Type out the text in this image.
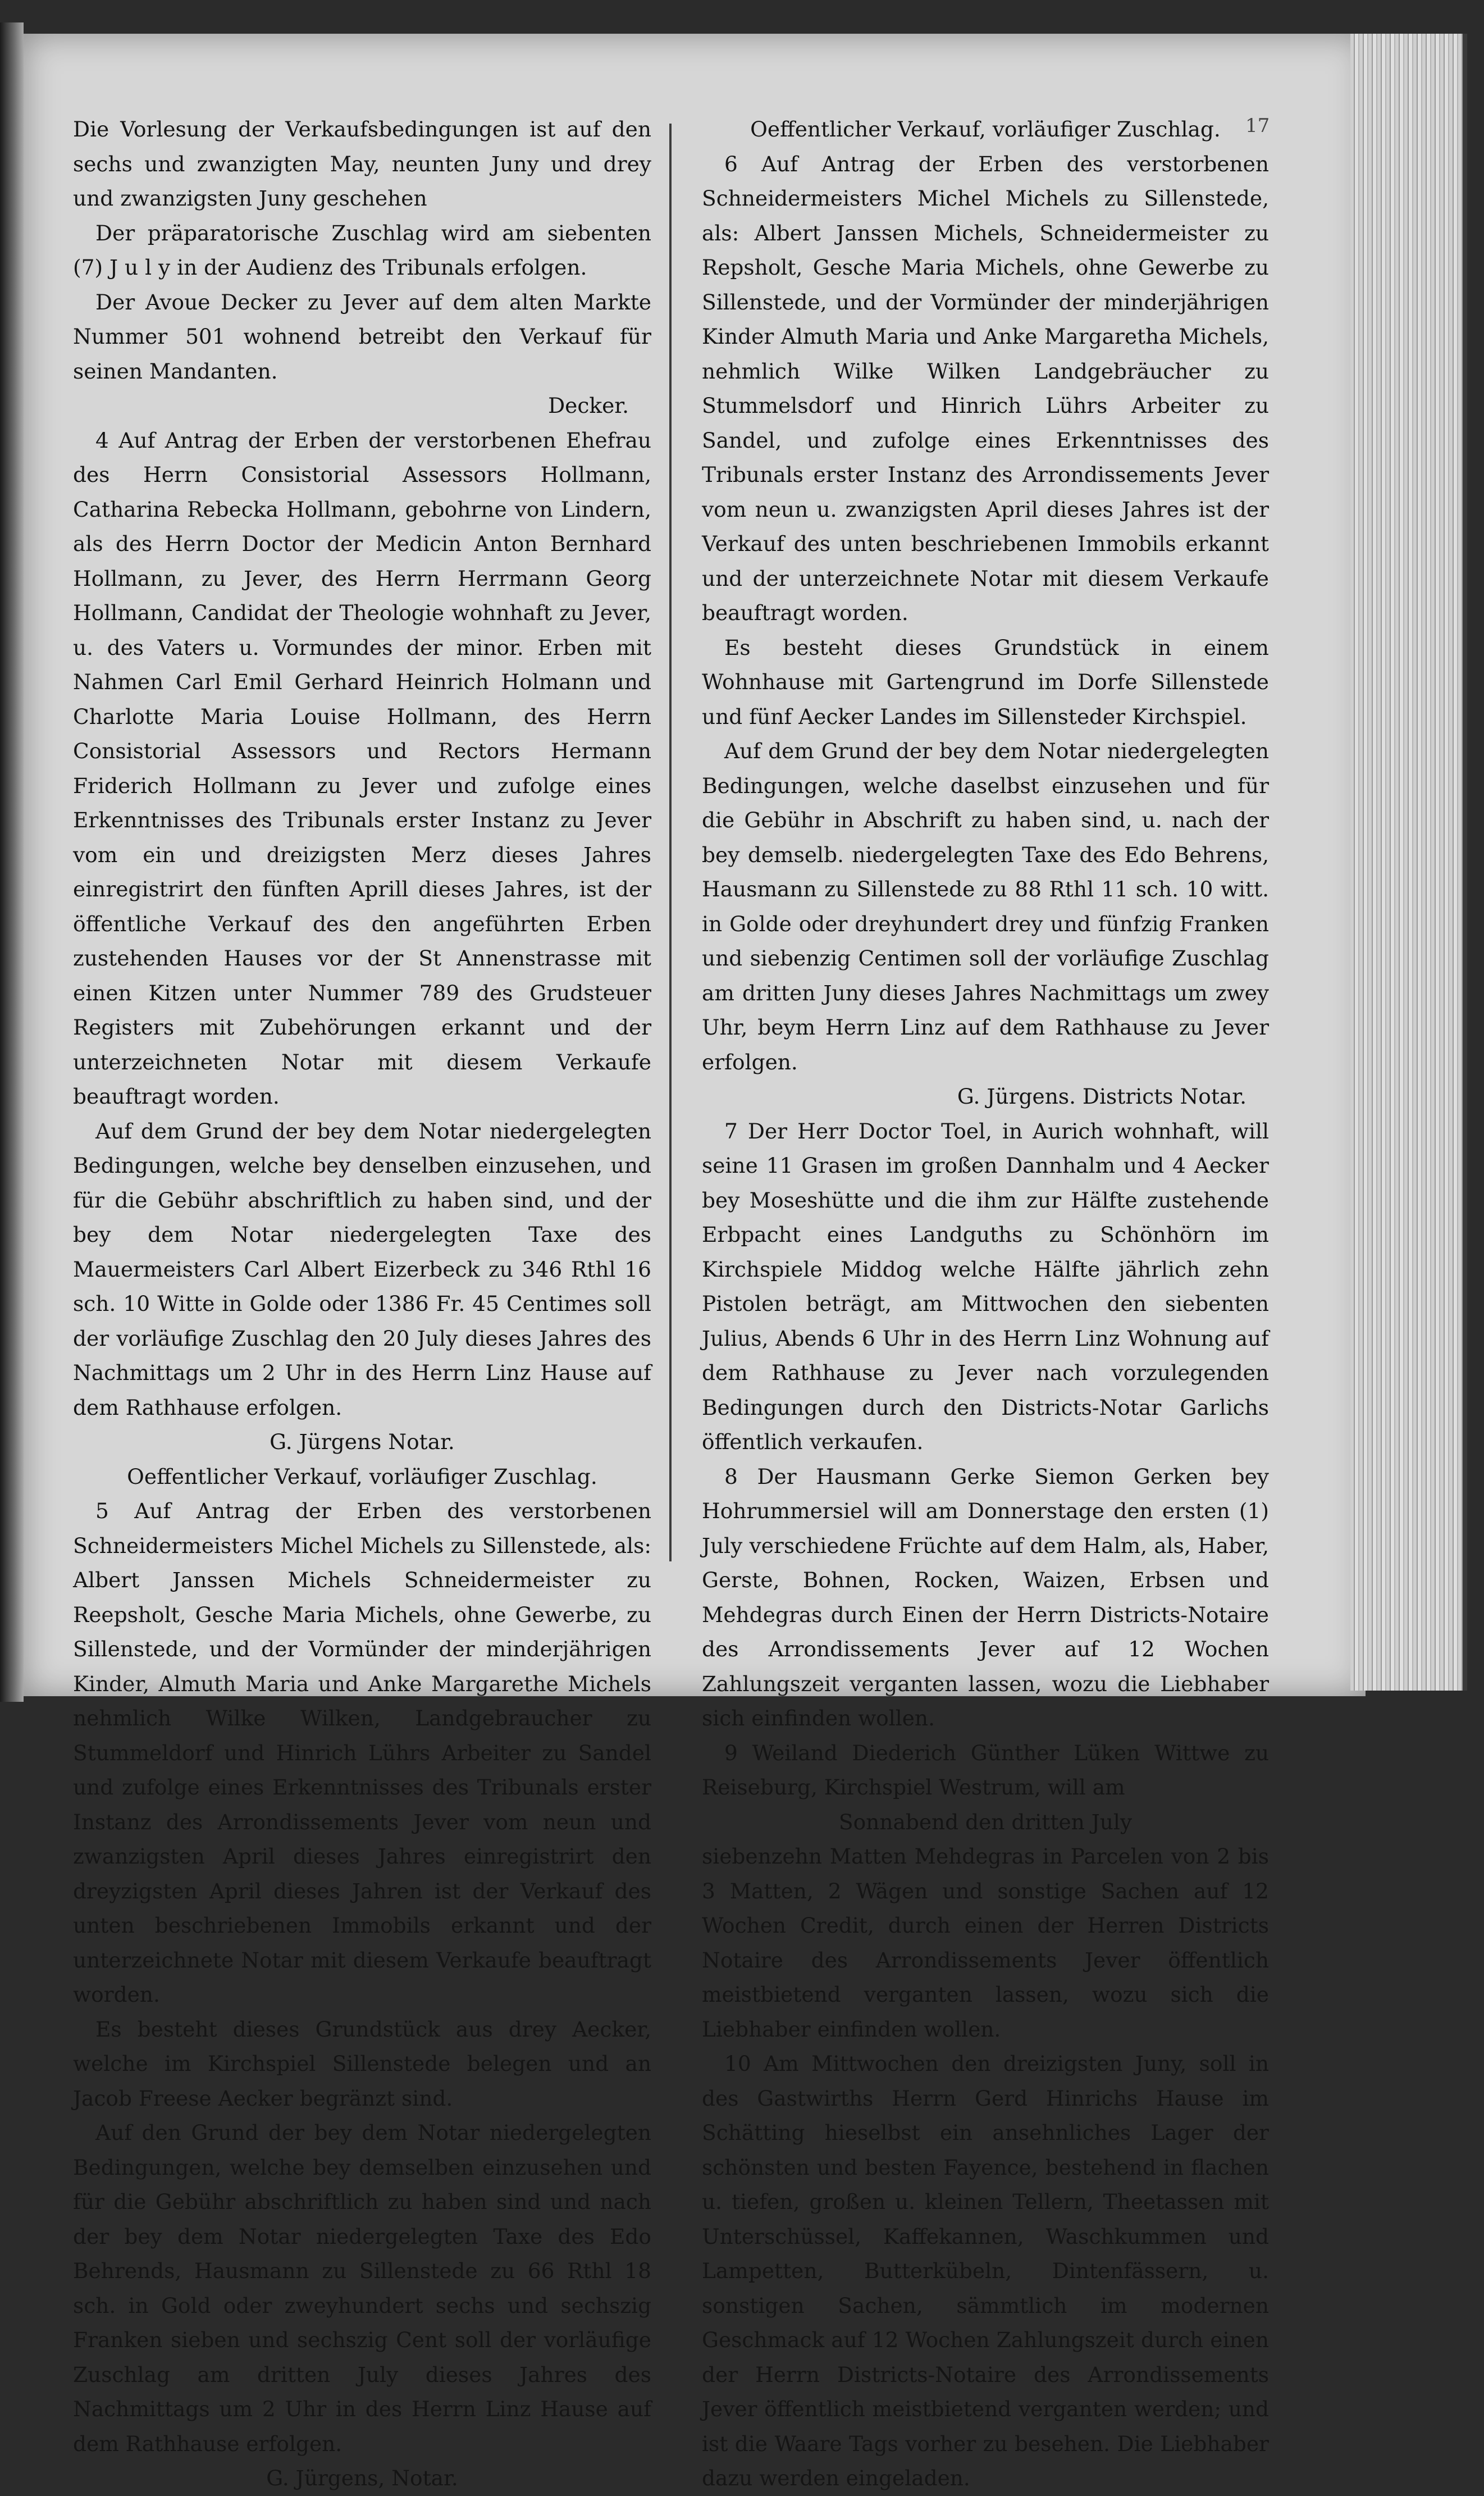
17

Die Vorlesung der Verkaufsbedingungen ist auf den sechs und zwanzigten May, neunten Juny und drey und zwanzigsten Juny geschehen

Der präparatorische Zuschlag wird am siebenten (7) J u l y in der Audienz des Tribunals erfolgen.

Der Avoue Decker zu Jever auf dem alten Markte Nummer 501 wohnend betreibt den Verkauf für seinen Mandanten.

Decker.

4 Auf Antrag der Erben der verstorbenen Ehefrau des Herrn Consistorial Assessors Hollmann, Catharina Rebecka Hollmann, gebohrne von Lindern, als des Herrn Doctor der Medicin Anton Bernhard Hollmann, zu Jever, des Herrn Herrmann Georg Hollmann, Candidat der Theologie wohnhaft zu Jever, u. des Vaters u. Vormundes der minor. Erben mit Nahmen Carl Emil Gerhard Heinrich Holmann und Charlotte Maria Louise Hollmann, des Herrn Consistorial Assessors und Rectors Hermann Friderich Hollmann zu Jever und zufolge eines Erkenntnisses des Tribunals erster Instanz zu Jever vom ein und dreizigsten Merz dieses Jahres einregistrirt den fünften Aprill dieses Jahres, ist der öffentliche Verkauf des den angeführten Erben zustehenden Hauses vor der St Annenstrasse mit einen Kitzen unter Nummer 789 des Grudsteuer Registers mit Zubehörungen erkannt und der unterzeichneten Notar mit diesem Verkaufe beauftragt worden.

Auf dem Grund der bey dem Notar niedergelegten Bedingungen, welche bey denselben einzusehen, und für die Gebühr abschriftlich zu haben sind, und der bey dem Notar niedergelegten Taxe des Mauermeisters Carl Albert Eizerbeck zu 346 Rthl 16 sch. 10 Witte in Golde oder 1386 Fr. 45 Centimes soll der vorläufige Zuschlag den 20 July dieses Jahres des Nachmittags um 2 Uhr in des Herrn Linz Hause auf dem Rathhause erfolgen.

G. Jürgens Notar.

Oeffentlicher Verkauf, vorläufiger Zuschlag.

5 Auf Antrag der Erben des verstorbenen Schneidermeisters Michel Michels zu Sillenstede, als: Albert Janssen Michels Schneidermeister zu Reepsholt, Gesche Maria Michels, ohne Gewerbe, zu Sillenstede, und der Vormünder der minderjährigen Kinder, Almuth Maria und Anke Margarethe Michels nehmlich Wilke Wilken, Landgebraucher zu Stummeldorf und Hinrich Lührs Arbeiter zu Sandel und zufolge eines Erkenntnisses des Tribunals erster Instanz des Arrondissements Jever vom neun und zwanzigsten April dieses Jahres einregistrirt den dreyzigsten April dieses Jahren ist der Verkauf des unten beschriebenen Immobils erkannt und der unterzeichnete Notar mit diesem Verkaufe beauftragt worden.

Es besteht dieses Grundstück aus drey Aecker, welche im Kirchspiel Sillenstede belegen und an Jacob Freese Aecker begränzt sind.

Auf den Grund der bey dem Notar niedergelegten Bedingungen, welche bey demselben einzusehen und für die Gebühr abschriftlich zu haben sind und nach der bey dem Notar niedergelegten Taxe des Edo Behrends, Hausmann zu Sillenstede zu 66 Rthl 18 sch. in Gold oder zweyhundert sechs und sechszig Franken sieben und sechszig Cent soll der vorläufige Zuschlag am dritten July dieses Jahres des Nachmittags um 2 Uhr in des Herrn Linz Hause auf dem Rathhause erfolgen.

G. Jürgens, Notar.

Oeffentlicher Verkauf, vorläufiger Zuschlag.

6 Auf Antrag der Erben des verstorbenen Schneidermeisters Michel Michels zu Sillenstede, als: Albert Janssen Michels, Schneidermeister zu Repsholt, Gesche Maria Michels, ohne Gewerbe zu Sillenstede, und der Vormünder der minderjährigen Kinder Almuth Maria und Anke Margaretha Michels, nehmlich Wilke Wilken Landgebräucher zu Stummelsdorf und Hinrich Lührs Arbeiter zu Sandel, und zufolge eines Erkenntnisses des Tribunals erster Instanz des Arrondissements Jever vom neun u. zwanzigsten April dieses Jahres ist der Verkauf des unten beschriebenen Immobils erkannt und der unterzeichnete Notar mit diesem Verkaufe beauftragt worden.

Es besteht dieses Grundstück in einem Wohnhause mit Gartengrund im Dorfe Sillenstede und fünf Aecker Landes im Sillensteder Kirchspiel.

Auf dem Grund der bey dem Notar niedergelegten Bedingungen, welche daselbst einzusehen und für die Gebühr in Abschrift zu haben sind, u. nach der bey demselb. niedergelegten Taxe des Edo Behrens, Hausmann zu Sillenstede zu 88 Rthl 11 sch. 10 witt. in Golde oder dreyhundert drey und fünfzig Franken und siebenzig Centimen soll der vorläufige Zuschlag am dritten Juny dieses Jahres Nachmittags um zwey Uhr, beym Herrn Linz auf dem Rathhause zu Jever erfolgen.

G. Jürgens. Districts Notar.

7 Der Herr Doctor Toel, in Aurich wohnhaft, will seine 11 Grasen im großen Dannhalm und 4 Aecker bey Moseshütte und die ihm zur Hälfte zustehende Erbpacht eines Landguths zu Schönhörn im Kirchspiele Middog welche Hälfte jährlich zehn Pistolen beträgt, am Mittwochen den siebenten Julius, Abends 6 Uhr in des Herrn Linz Wohnung auf dem Rathhause zu Jever nach vorzulegenden Bedingungen durch den Districts-Notar Garlichs öffentlich verkaufen.

8 Der Hausmann Gerke Siemon Gerken bey Hohrummersiel will am Donnerstage den ersten (1) July verschiedene Früchte auf dem Halm, als, Haber, Gerste, Bohnen, Rocken, Waizen, Erbsen und Mehdegras durch Einen der Herrn Districts-Notaire des Arrondissements Jever auf 12 Wochen Zahlungszeit verganten lassen, wozu die Liebhaber sich einfinden wollen.

9 Weiland Diederich Günther Lüken Wittwe zu Reiseburg, Kirchspiel Westrum, will am

Sonnabend den dritten July

siebenzehn Matten Mehdegras in Parcelen von 2 bis 3 Matten, 2 Wägen und sonstige Sachen auf 12 Wochen Credit, durch einen der Herren Districts Notaire des Arrondissements Jever öffentlich meistbietend verganten lassen, wozu sich die Liebhaber einfinden wollen.

10 Am Mittwochen den dreizigsten Juny, soll in des Gastwirths Herrn Gerd Hinrichs Hause im Schätting hieselbst ein ansehnliches Lager der schönsten und besten Fayence, bestehend in flachen u. tiefen, großen u. kleinen Tellern, Theetassen mit Unterschüssel, Kaffekannen, Waschkummen und Lampetten, Butterkübeln, Dintenfässern, u. sonstigen Sachen, sämmtlich im modernen Geschmack auf 12 Wochen Zahlungszeit durch einen der Herrn Districts-Notaire des Arrondissements Jever öffentlich meistbietend verganten werden; und ist die Waare Tags vorher zu besehen. Die Liebhaber dazu werden eingeladen.
